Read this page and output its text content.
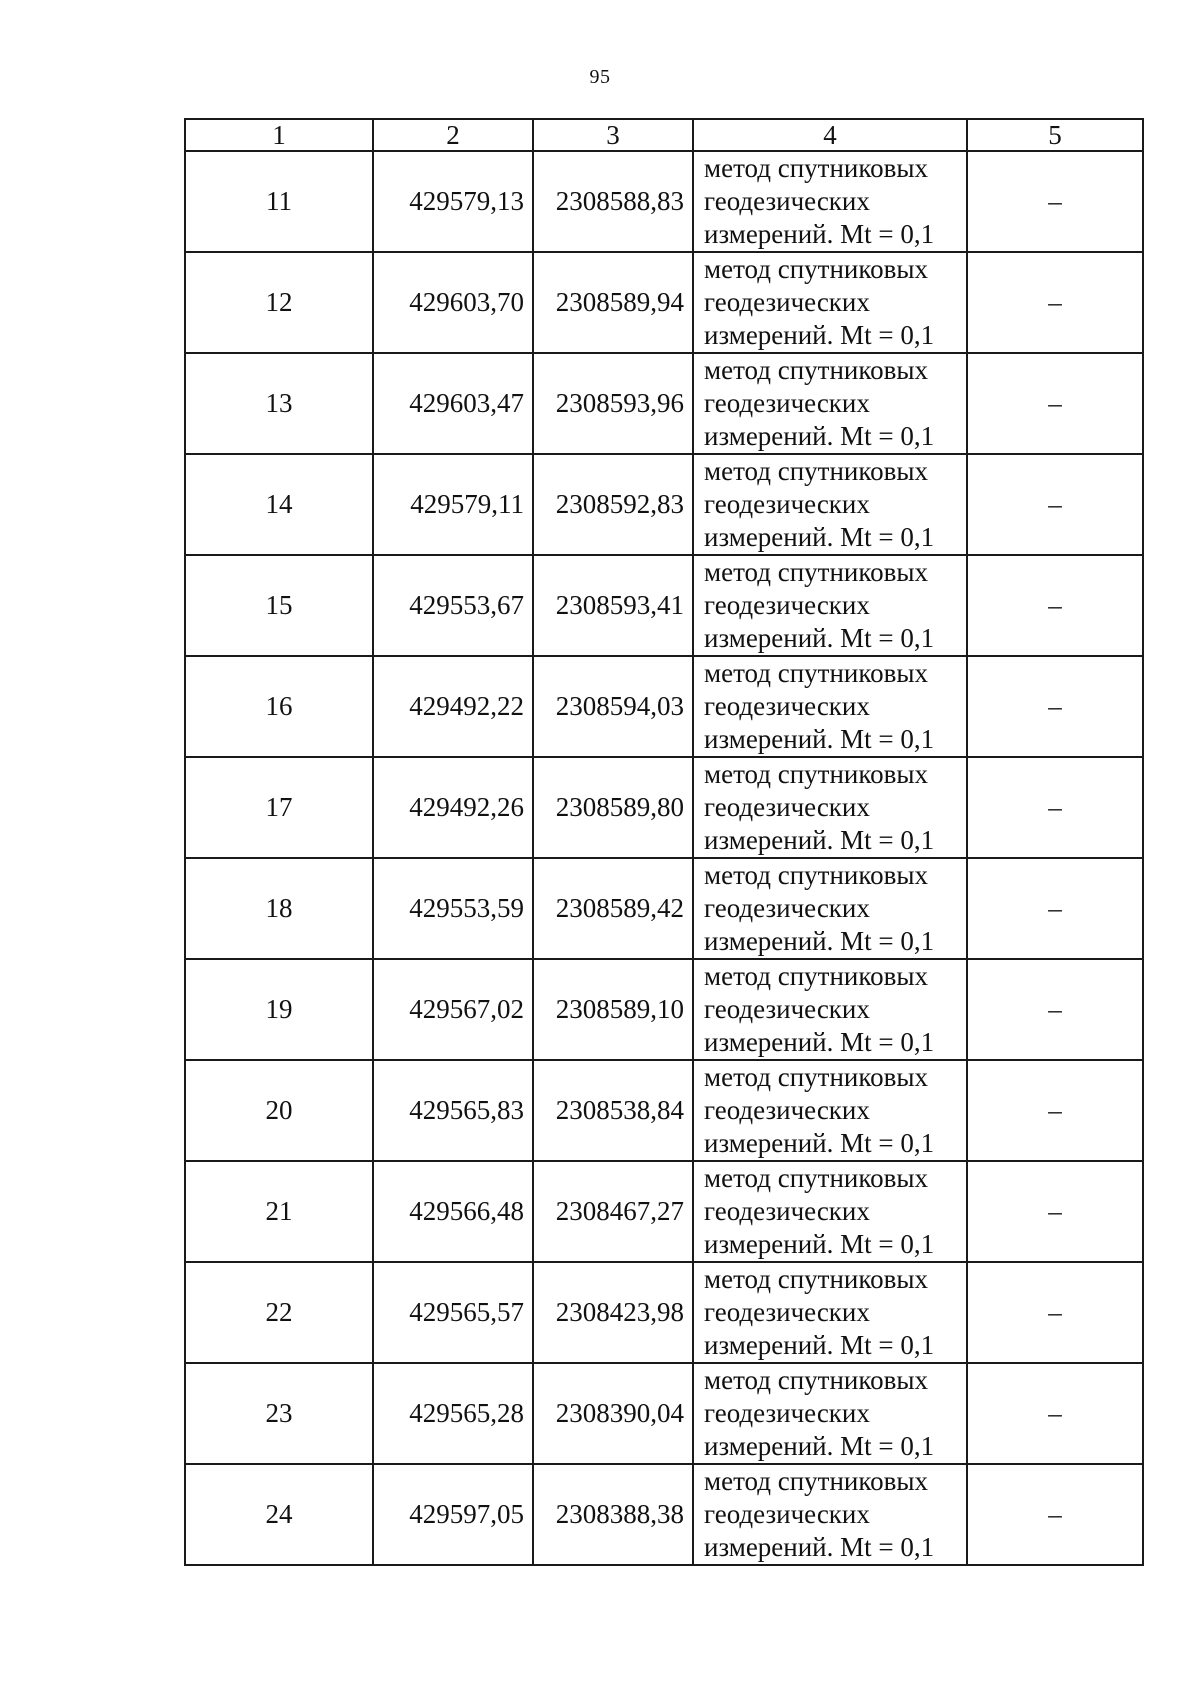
95
1	2	3	4	5
11	429579,13	2308588,83	метод спутниковых
геодезических
измерений. Mt = 0,1	–
12	429603,70	2308589,94	метод спутниковых
геодезических
измерений. Mt = 0,1	–
13	429603,47	2308593,96	метод спутниковых
геодезических
измерений. Mt = 0,1	–
14	429579,11	2308592,83	метод спутниковых
геодезических
измерений. Mt = 0,1	–
15	429553,67	2308593,41	метод спутниковых
геодезических
измерений. Mt = 0,1	–
16	429492,22	2308594,03	метод спутниковых
геодезических
измерений. Mt = 0,1	–
17	429492,26	2308589,80	метод спутниковых
геодезических
измерений. Mt = 0,1	–
18	429553,59	2308589,42	метод спутниковых
геодезических
измерений. Mt = 0,1	–
19	429567,02	2308589,10	метод спутниковых
геодезических
измерений. Mt = 0,1	–
20	429565,83	2308538,84	метод спутниковых
геодезических
измерений. Mt = 0,1	–
21	429566,48	2308467,27	метод спутниковых
геодезических
измерений. Mt = 0,1	–
22	429565,57	2308423,98	метод спутниковых
геодезических
измерений. Mt = 0,1	–
23	429565,28	2308390,04	метод спутниковых
геодезических
измерений. Mt = 0,1	–
24	429597,05	2308388,38	метод спутниковых
геодезических
измерений. Mt = 0,1	–
